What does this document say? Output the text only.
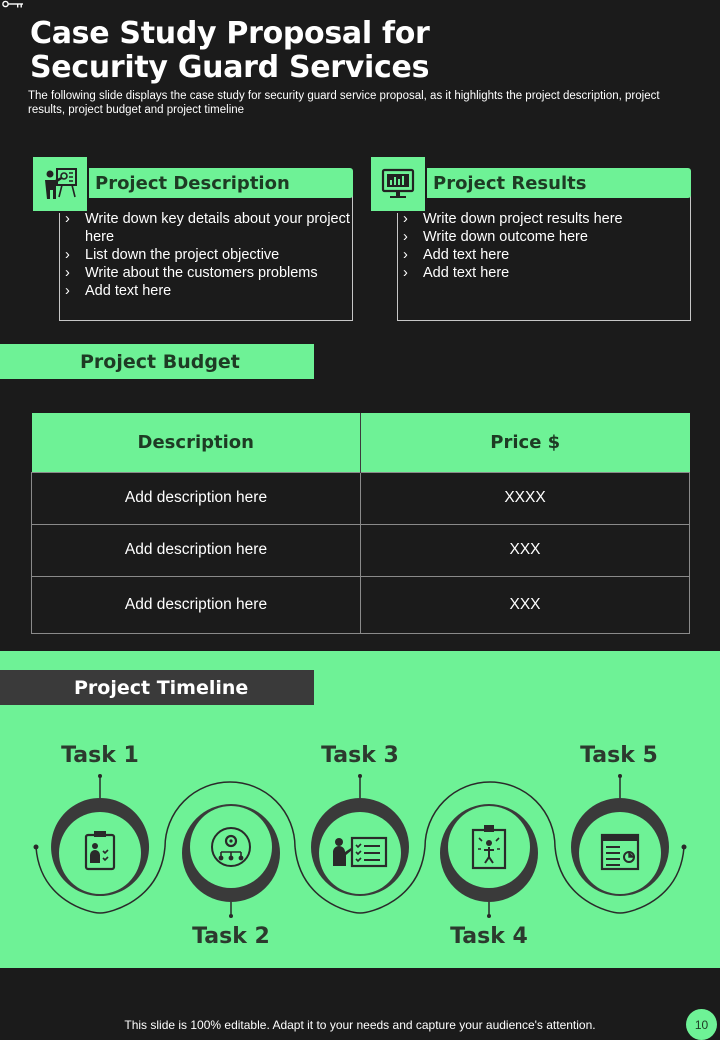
Case Study Proposal for Security Guard Services
The following slide displays the case study for security guard service proposal, as it highlights the project description, project results, project budget and project timeline
Project Description
› Write down key details about your project here
› List down the project objective
› Write about the customers problems
› Add text here
Project Results
› Write down project results here
› Write down outcome here
› Add text here
› Add text here
Project Budget
Description	Price $
Add description here	XXXX
Add description here	XXX
Add description here	XXX
Project Timeline
Task 1
Task 2
Task 3
Task 4
Task 5
This slide is 100% editable. Adapt it to your needs and capture your audience's attention.	10
